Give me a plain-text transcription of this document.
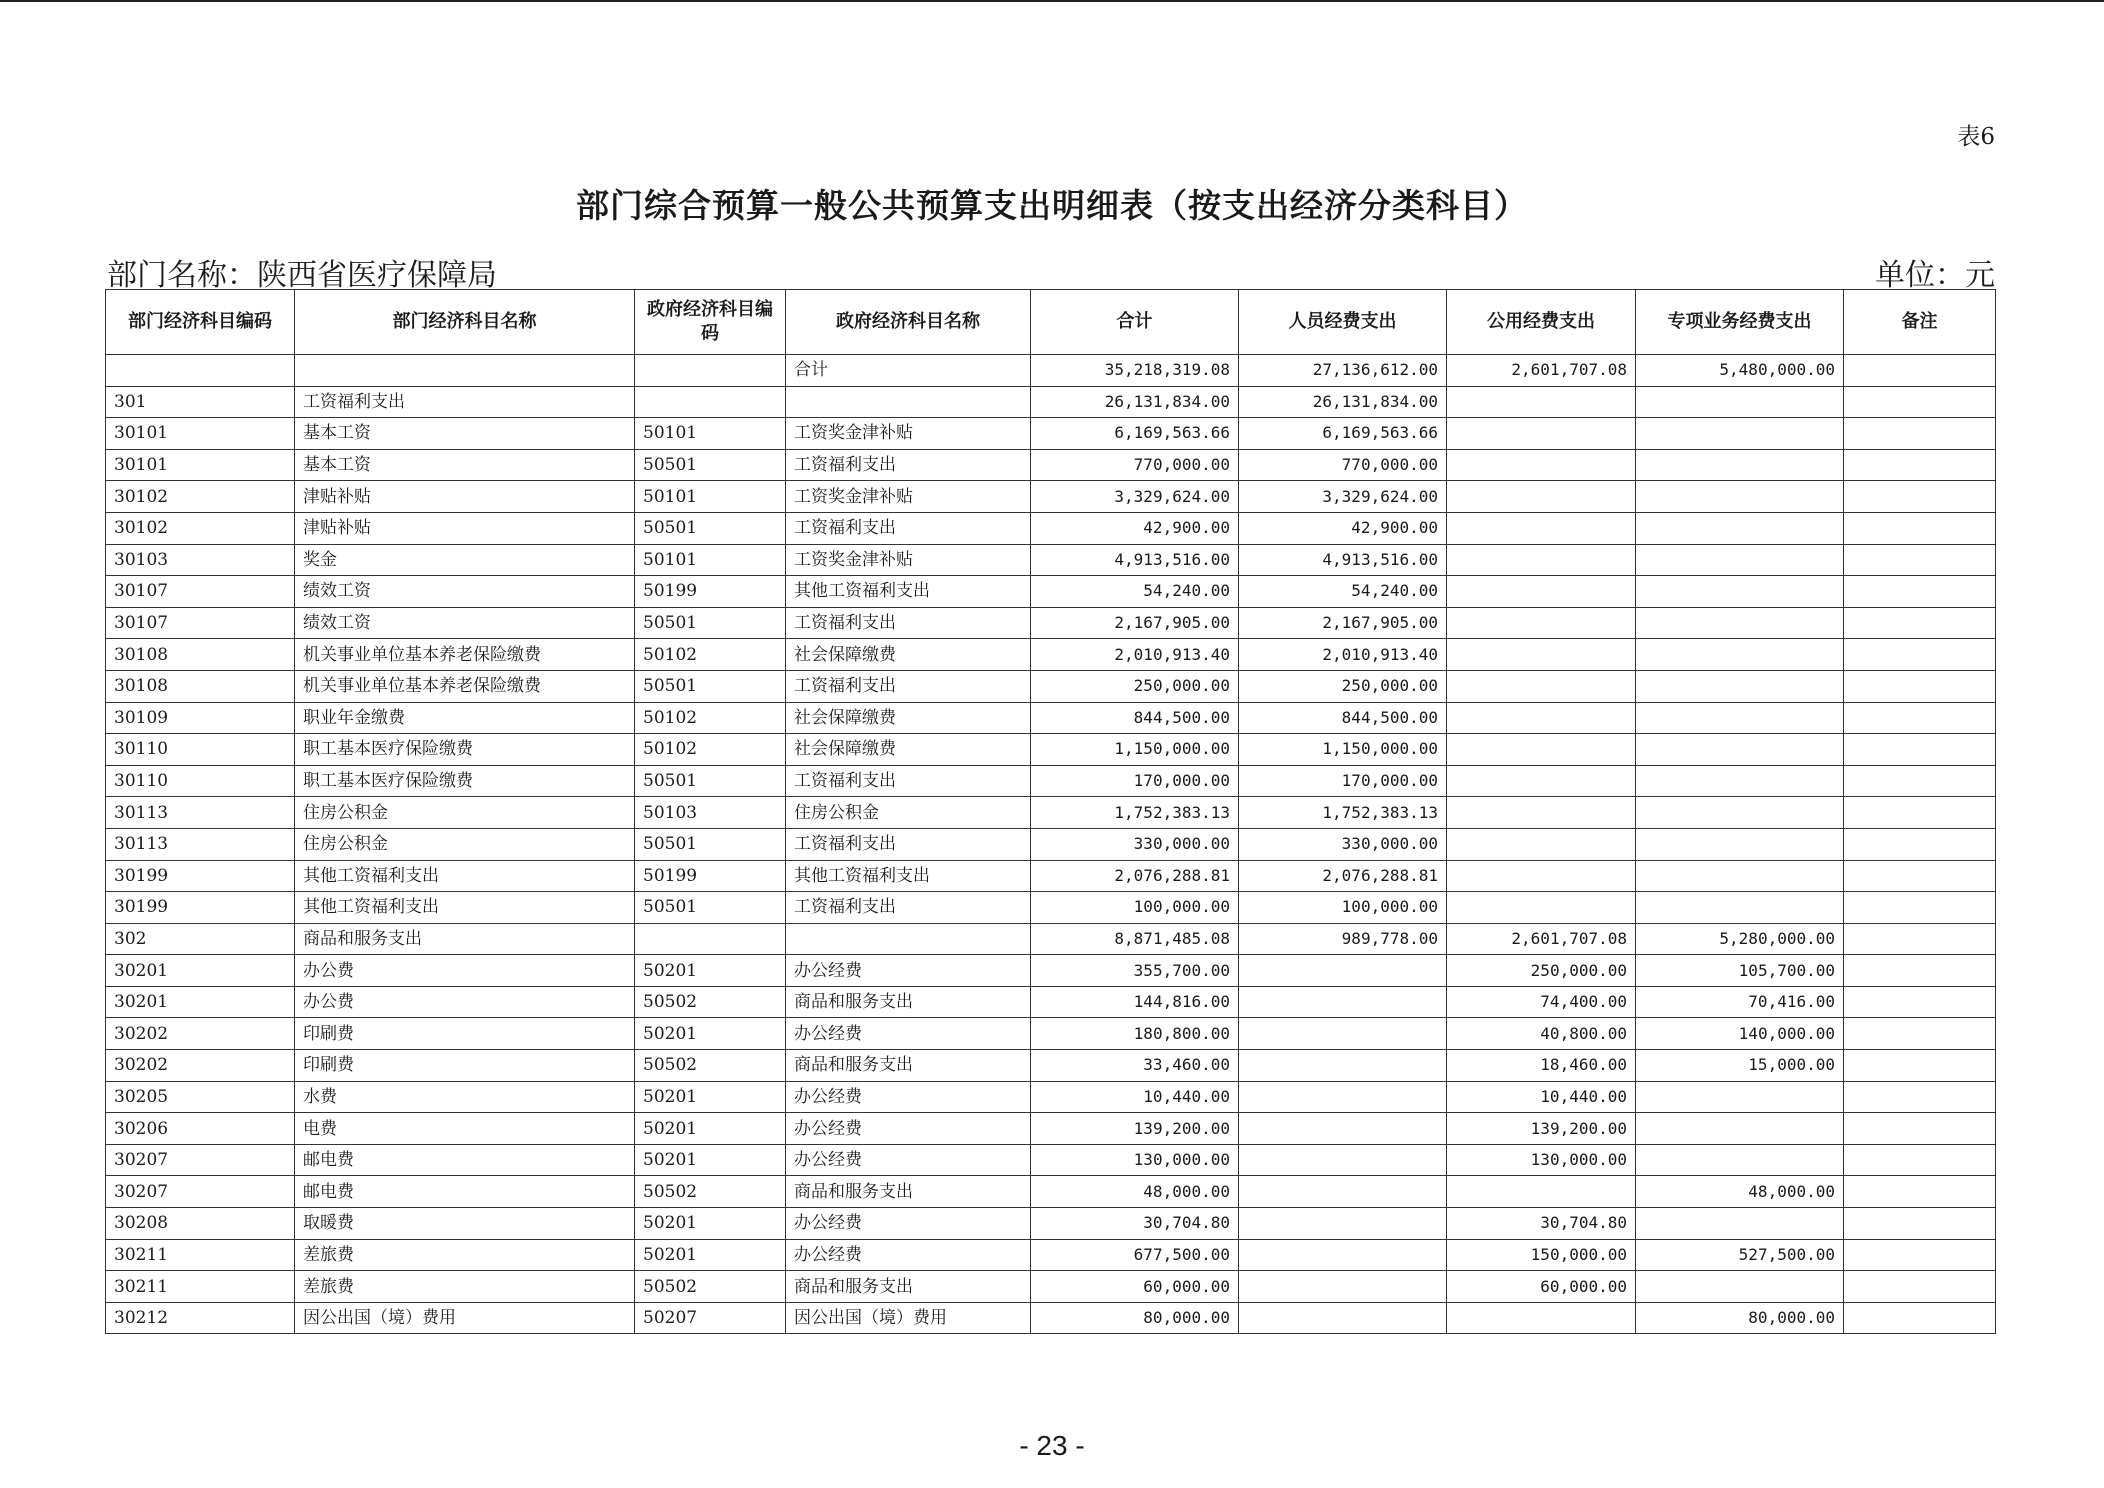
表6
部门综合预算一般公共预算支出明细表（按支出经济分类科目）
部门名称：陕西省医疗保障局	单位：元
部门经济科目编码	部门经济科目名称	政府经济科目编码	政府经济科目名称	合计	人员经费支出	公用经费支出	专项业务经费支出	备注
			合计	35,218,319.08	27,136,612.00	2,601,707.08	5,480,000.00	
301	工资福利支出			26,131,834.00	26,131,834.00			
30101	基本工资	50101	工资奖金津补贴	6,169,563.66	6,169,563.66			
30101	基本工资	50501	工资福利支出	770,000.00	770,000.00			
30102	津贴补贴	50101	工资奖金津补贴	3,329,624.00	3,329,624.00			
30102	津贴补贴	50501	工资福利支出	42,900.00	42,900.00			
30103	奖金	50101	工资奖金津补贴	4,913,516.00	4,913,516.00			
30107	绩效工资	50199	其他工资福利支出	54,240.00	54,240.00			
30107	绩效工资	50501	工资福利支出	2,167,905.00	2,167,905.00			
30108	机关事业单位基本养老保险缴费	50102	社会保障缴费	2,010,913.40	2,010,913.40			
30108	机关事业单位基本养老保险缴费	50501	工资福利支出	250,000.00	250,000.00			
30109	职业年金缴费	50102	社会保障缴费	844,500.00	844,500.00			
30110	职工基本医疗保险缴费	50102	社会保障缴费	1,150,000.00	1,150,000.00			
30110	职工基本医疗保险缴费	50501	工资福利支出	170,000.00	170,000.00			
30113	住房公积金	50103	住房公积金	1,752,383.13	1,752,383.13			
30113	住房公积金	50501	工资福利支出	330,000.00	330,000.00			
30199	其他工资福利支出	50199	其他工资福利支出	2,076,288.81	2,076,288.81			
30199	其他工资福利支出	50501	工资福利支出	100,000.00	100,000.00			
302	商品和服务支出			8,871,485.08	989,778.00	2,601,707.08	5,280,000.00	
30201	办公费	50201	办公经费	355,700.00		250,000.00	105,700.00	
30201	办公费	50502	商品和服务支出	144,816.00		74,400.00	70,416.00	
30202	印刷费	50201	办公经费	180,800.00		40,800.00	140,000.00	
30202	印刷费	50502	商品和服务支出	33,460.00		18,460.00	15,000.00	
30205	水费	50201	办公经费	10,440.00		10,440.00		
30206	电费	50201	办公经费	139,200.00		139,200.00		
30207	邮电费	50201	办公经费	130,000.00		130,000.00		
30207	邮电费	50502	商品和服务支出	48,000.00			48,000.00	
30208	取暖费	50201	办公经费	30,704.80		30,704.80		
30211	差旅费	50201	办公经费	677,500.00		150,000.00	527,500.00	
30211	差旅费	50502	商品和服务支出	60,000.00		60,000.00		
30212	因公出国（境）费用	50207	因公出国（境）费用	80,000.00			80,000.00	
- 23 -
